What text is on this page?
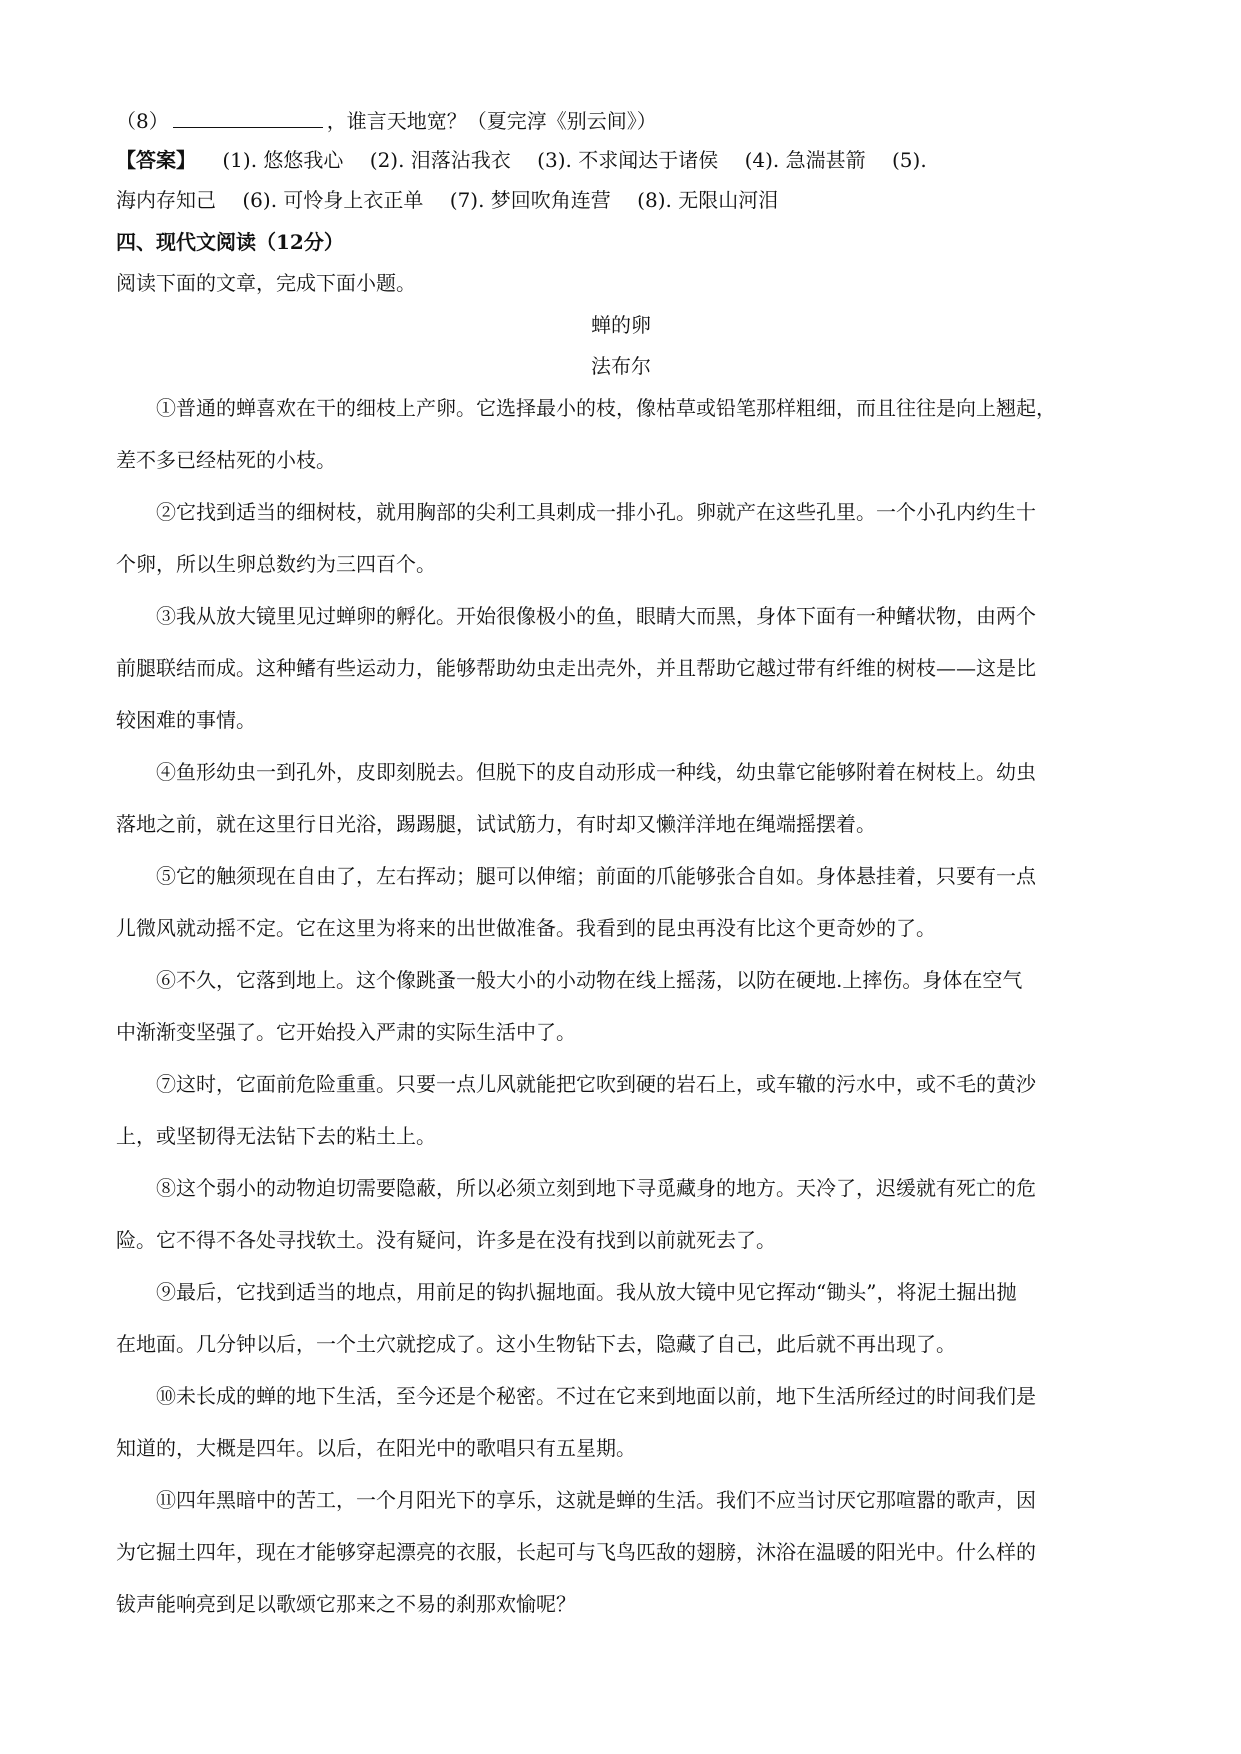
（8）	，谁言天地宽？（夏完淳《别云间》）
【答案】 (1). 悠悠我心 (2). 泪落沾我衣 (3). 不求闻达于诸侯 (4). 急湍甚箭 (5).
海内存知己 (6). 可怜身上衣正单 (7). 梦回吹角连营 (8). 无限山河泪
四、现代文阅读（12分）
阅读下面的文章，完成下面小题。
蝉的卵
法布尔
①普通的蝉喜欢在干的细枝上产卵。它选择最小的枝，像枯草或铅笔那样粗细，而且往往是向上翘起，
差不多已经枯死的小枝。
②它找到适当的细树枝，就用胸部的尖利工具刺成一排小孔。卵就产在这些孔里。一个小孔内约生十
个卵，所以生卵总数约为三四百个。
③我从放大镜里见过蝉卵的孵化。开始很像极小的鱼，眼睛大而黑，身体下面有一种鳍状物，由两个
前腿联结而成。这种鳍有些运动力，能够帮助幼虫走出壳外，并且帮助它越过带有纤维的树枝——这是比
较困难的事情。
④鱼形幼虫一到孔外，皮即刻脱去。但脱下的皮自动形成一种线，幼虫靠它能够附着在树枝上。幼虫
落地之前，就在这里行日光浴，踢踢腿，试试筋力，有时却又懒洋洋地在绳端摇摆着。
⑤它的触须现在自由了，左右挥动；腿可以伸缩；前面的爪能够张合自如。身体悬挂着，只要有一点
儿微风就动摇不定。它在这里为将来的出世做准备。我看到的昆虫再没有比这个更奇妙的了。
⑥不久，它落到地上。这个像跳蚤一般大小的小动物在线上摇荡，以防在硬地.上摔伤。身体在空气
中渐渐变坚强了。它开始投入严肃的实际生活中了。
⑦这时，它面前危险重重。只要一点儿风就能把它吹到硬的岩石上，或车辙的污水中，或不毛的黄沙
上，或坚韧得无法钻下去的粘土上。
⑧这个弱小的动物迫切需要隐蔽，所以必须立刻到地下寻觅藏身的地方。天冷了，迟缓就有死亡的危
险。它不得不各处寻找软土。没有疑问，许多是在没有找到以前就死去了。
⑨最后，它找到适当的地点，用前足的钩扒掘地面。我从放大镜中见它挥动“锄头”，将泥土掘出抛
在地面。几分钟以后，一个土穴就挖成了。这小生物钻下去，隐藏了自己，此后就不再出现了。
⑩未长成的蝉的地下生活，至今还是个秘密。不过在它来到地面以前，地下生活所经过的时间我们是
知道的，大概是四年。以后，在阳光中的歌唱只有五星期。
⑪四年黑暗中的苦工，一个月阳光下的享乐，这就是蝉的生活。我们不应当讨厌它那喧嚣的歌声，因
为它掘土四年，现在才能够穿起漂亮的衣服，长起可与飞鸟匹敌的翅膀，沐浴在温暖的阳光中。什么样的
钹声能响亮到足以歌颂它那来之不易的刹那欢愉呢？
